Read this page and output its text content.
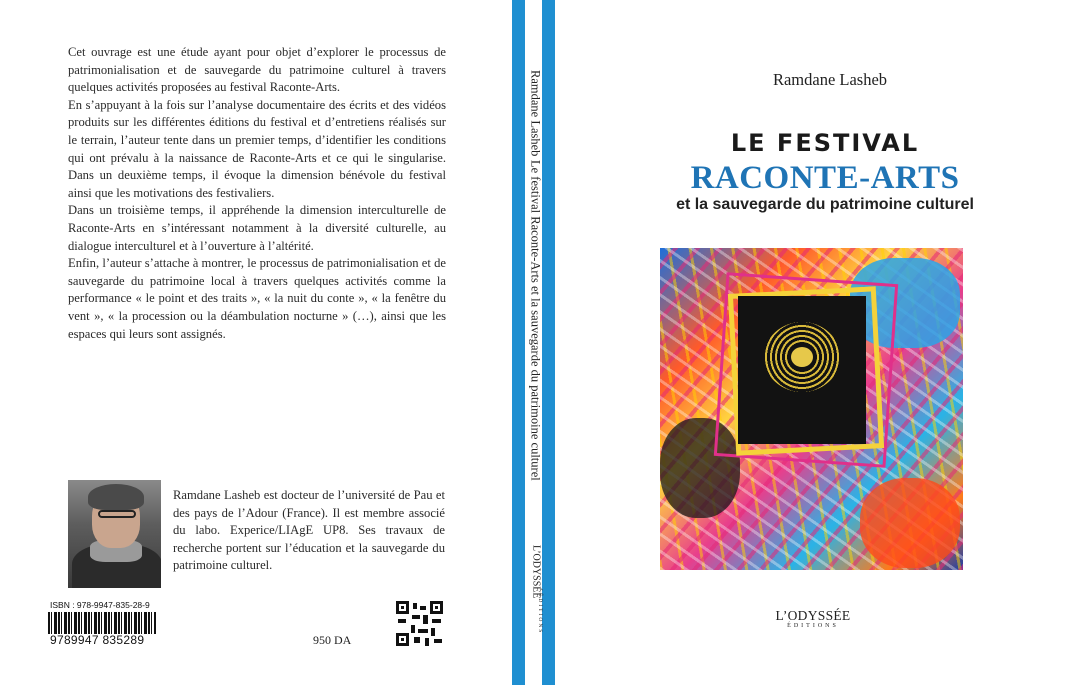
Cet ouvrage est une étude ayant pour objet d’explorer le processus de patrimonialisation et de sauvegarde du patrimoine culturel à travers quelques activités proposées au festival Raconte-Arts.

En s’appuyant à la fois sur l’analyse documentaire des écrits et des vidéos produits sur les différentes éditions du festival et d’entretiens réalisés sur le terrain, l’auteur tente dans un premier temps, d’identifier les conditions qui ont prévalu à la naissance de Raconte-Arts et ce qui le singularise. Dans un deuxième temps, il évoque la dimension bénévole du festival ainsi que les motivations des festivaliers.

Dans un troisième temps, il appréhende la dimension interculturelle de Raconte-Arts en s’intéressant notamment à la diversité culturelle, au dialogue interculturel et à l’ouverture à l’altérité.

Enfin, l’auteur s’attache à montrer, le processus de patrimonialisation et de sauvegarde du patrimoine local à travers quelques activités comme la performance « le point et des traits », « la nuit du conte », « la fenêtre du vent », « la procession ou la déambulation nocturne » (…), ainsi que les espaces qui leurs sont assignés.

Ramdane Lasheb est docteur de l’université de Pau et des pays de l’Adour (France). Il est membre associé du labo. Experice/LIAgE UP8. Ses travaux de recherche portent sur l’éducation et la sauvegarde du patrimoine culturel.

ISBN : 978-9947-835-28-9
9789947 835289	950 DA
Ramdane Lasheb
Le festival Raconte-Arts et la sauvegarde du patrimoine culturel
L’ODYSSÉE
ÉDITIONS

Ramdane Lasheb

LE FESTIVAL

RACONTE-ARTS

et la sauvegarde du patrimoine culturel

L’ODYSSÉE
ÉDITIONS
